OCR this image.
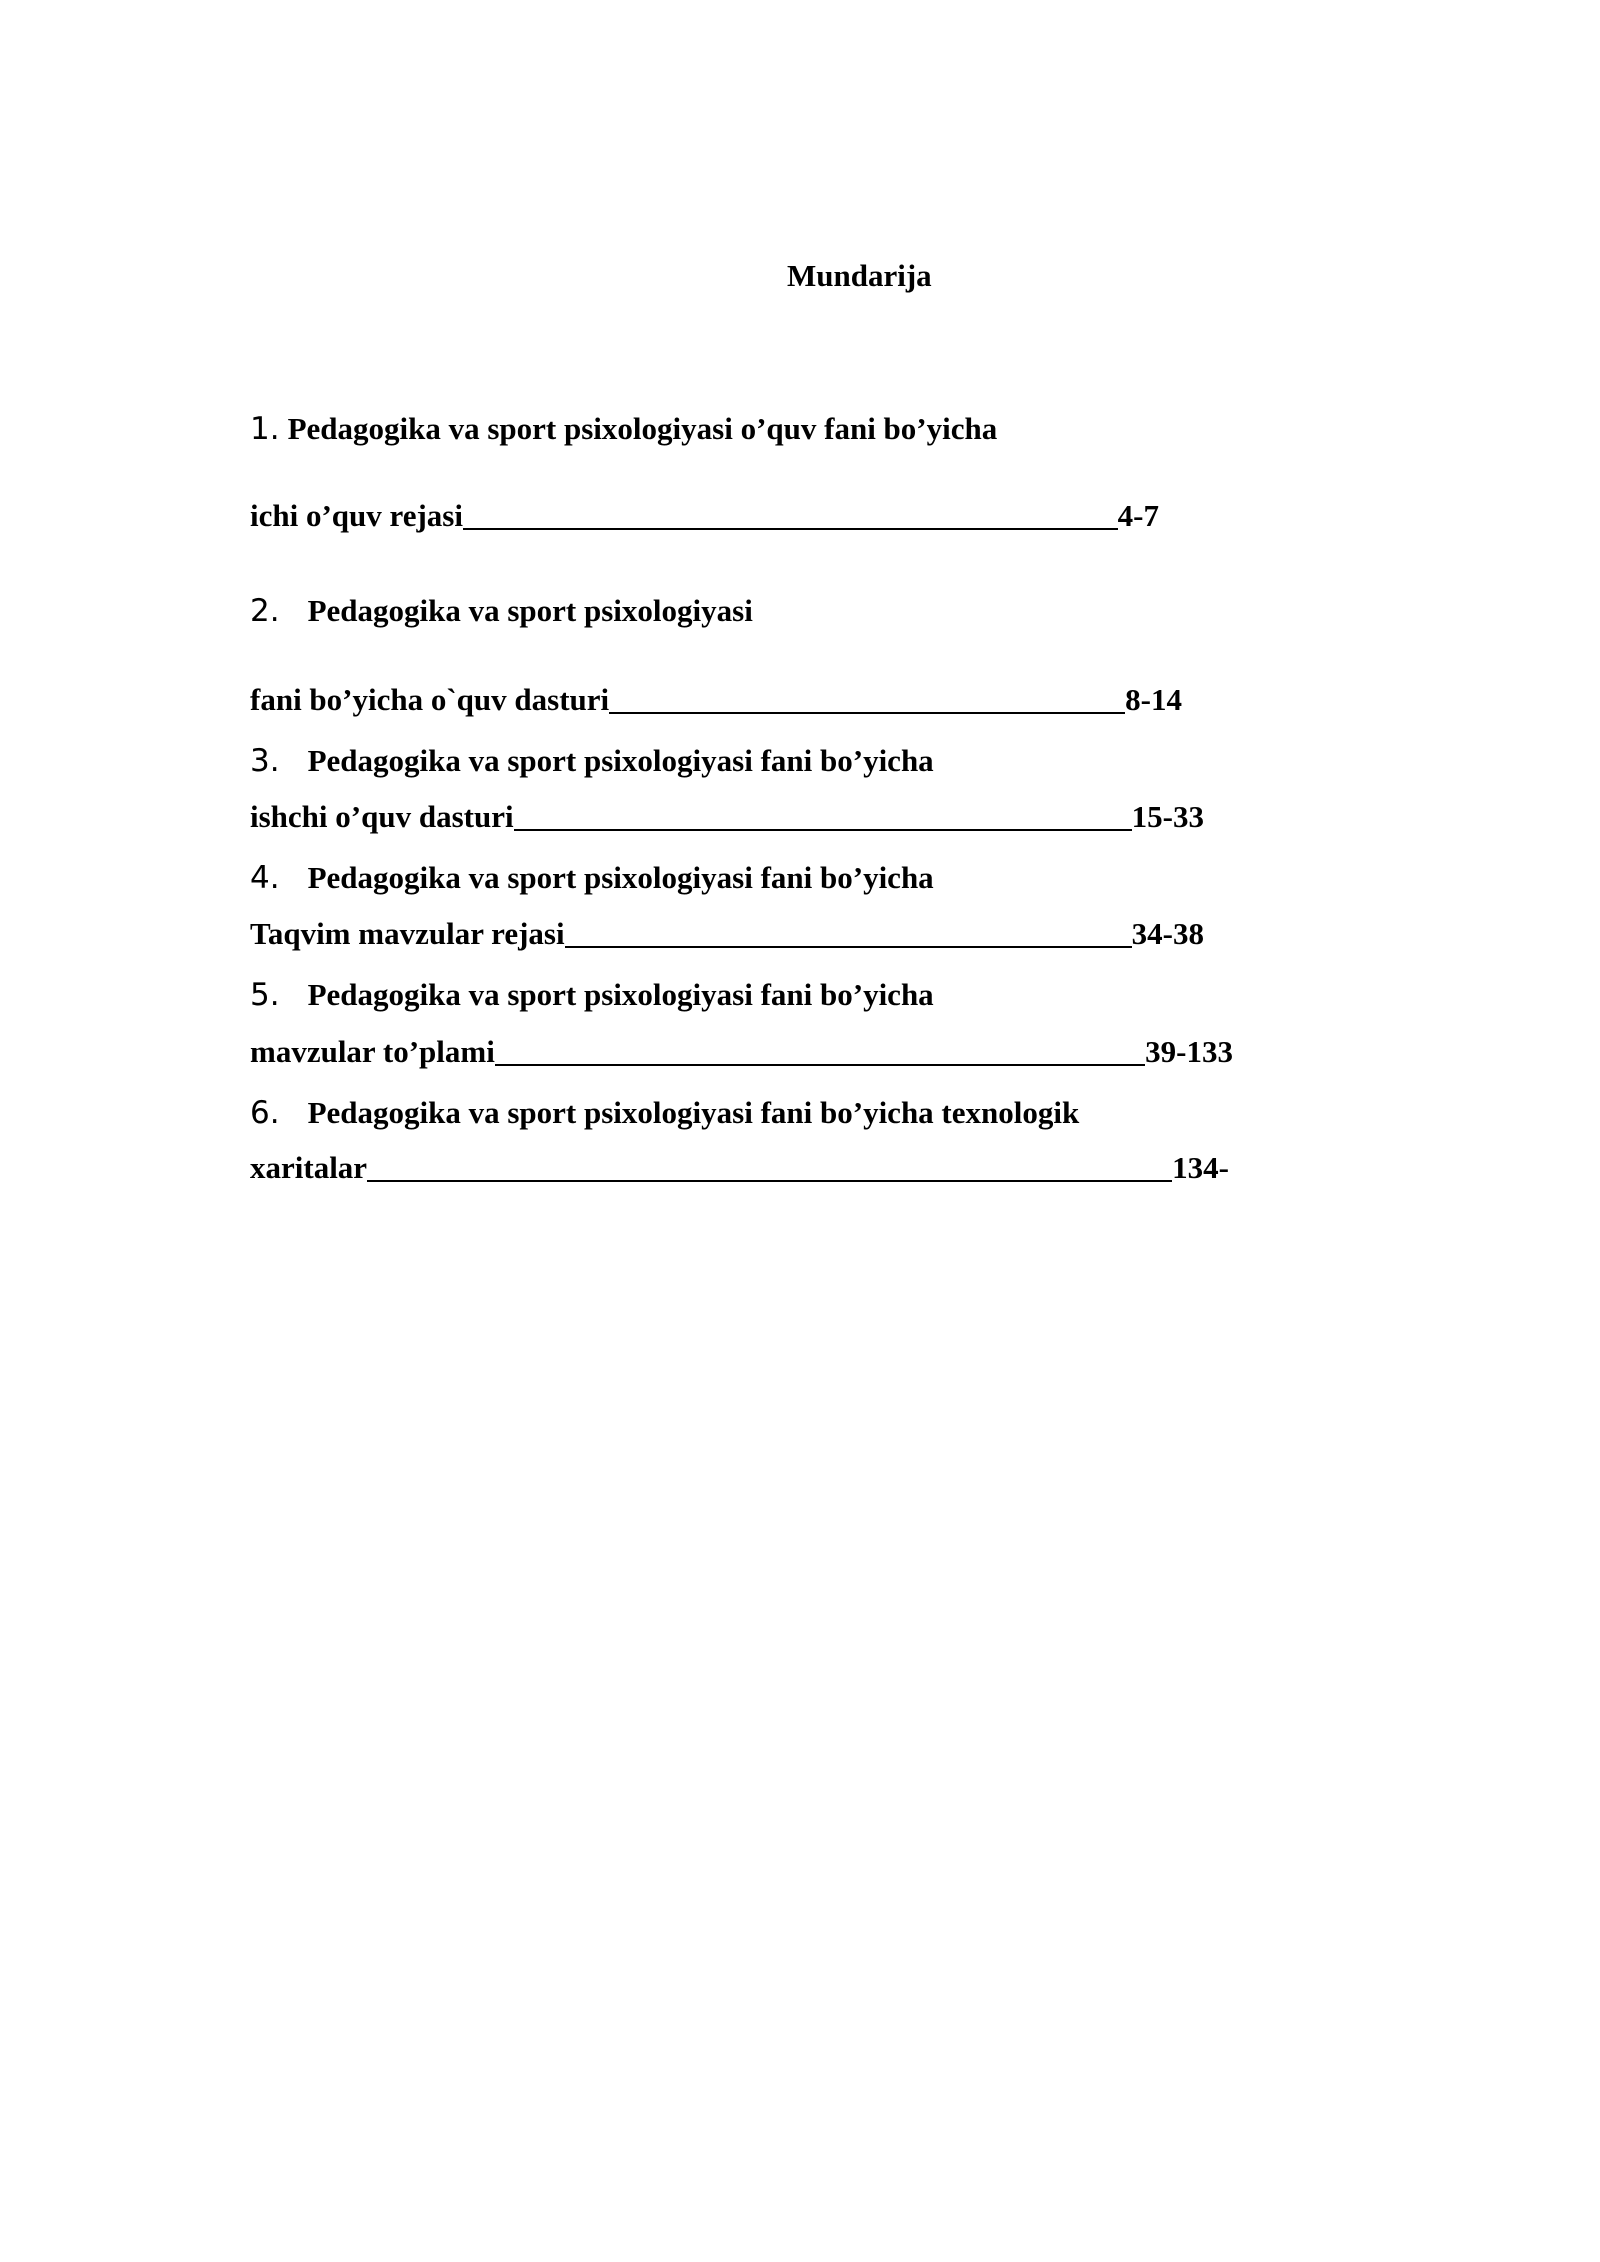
Mundarija
1. Pedagogika va sport psixologiyasi o’quv fani bo’yicha
ichi o’quv rejasi	4-7
2. Pedagogika va sport psixologiyasi
fani bo’yicha o`quv dasturi	8-14
3. Pedagogika va sport psixologiyasi fani bo’yicha
ishchi o’quv dasturi	15-33
4. Pedagogika va sport psixologiyasi fani bo’yicha
Taqvim mavzular rejasi	34-38
5. Pedagogika va sport psixologiyasi fani bo’yicha
mavzular to’plami	39-133
6. Pedagogika va sport psixologiyasi fani bo’yicha texnologik
xaritalar	134-
